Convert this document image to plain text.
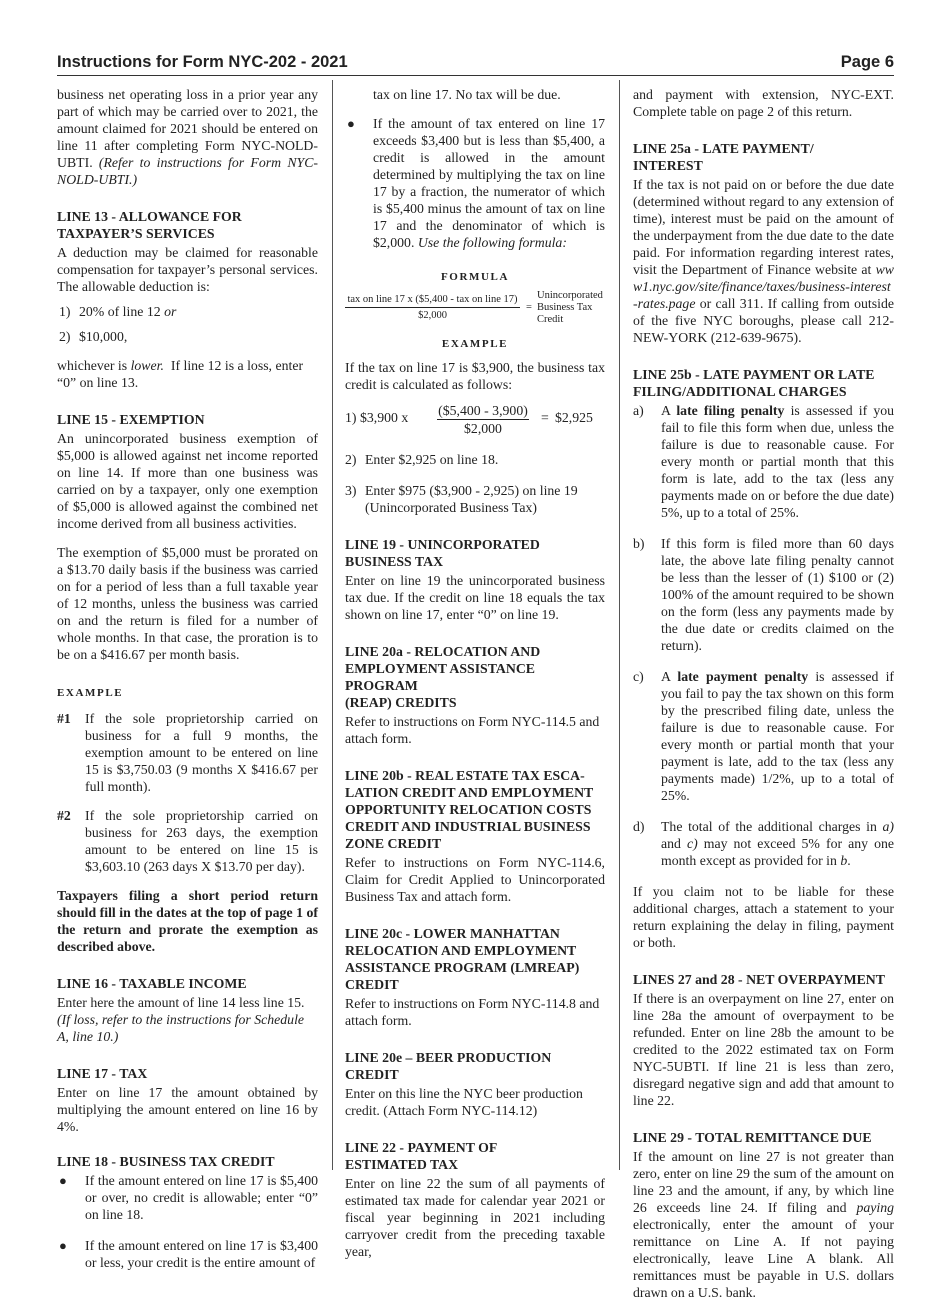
Instructions for Form NYC-202 - 2021	Page 6

business net operating loss in a prior year any part of which may be carried over to 2021, the amount claimed for 2021 should be entered on line 11 after completing Form NYC-NOLD-UBTI. (Refer to instructions for Form NYC-NOLD-UBTI.)

LINE 13 - ALLOWANCE FOR
TAXPAYER’S SERVICES

A deduction may be claimed for reasonable compensation for taxpayer’s personal services. The allowable deduction is:

1) 20% of line 12 or
2) $10,000,

whichever is lower. If line 12 is a loss, enter “0” on line 13.

LINE 15 - EXEMPTION

An unincorporated business exemption of $5,000 is allowed against net income reported on line 14. If more than one business was carried on by a taxpayer, only one exemption of $5,000 is allowed against the combined net income derived from all business activities.

The exemption of $5,000 must be prorated on a $13.70 daily basis if the business was carried on for a period of less than a full taxable year of 12 months, unless the business was carried on and the return is filed for a number of whole months. In that case, the proration is to be on a $416.67 per month basis.

EXAMPLE
#1 If the sole proprietorship carried on business for a full 9 months, the exemption amount to be entered on line 15 is $3,750.03 (9 months X $416.67 per full month).
#2 If the sole proprietorship carried on business for 263 days, the exemption amount to be entered on line 15 is $3,603.10 (263 days X $13.70 per day).

Taxpayers filing a short period return should fill in the dates at the top of page 1 of the return and prorate the exemption as described above.

LINE 16 - TAXABLE INCOME

Enter here the amount of line 14 less line 15. (If loss, refer to the instructions for Schedule A, line 10.)

LINE 17 - TAX

Enter on line 17 the amount obtained by multiplying the amount entered on line 16 by 4%.

LINE 18 - BUSINESS TAX CREDIT
● If the amount entered on line 17 is $5,400 or over, no credit is allowable; enter “0” on line 18.
● If the amount entered on line 17 is $3,400 or less, your credit is the entire amount of

tax on line 17. No tax will be due.

● If the amount of tax entered on line 17 exceeds $3,400 but is less than $5,400, a credit is allowed in the amount determined by multiplying the tax on line 17 by a fraction, the numerator of which is $5,400 minus the amount of tax on line 17 and the denominator of which is $2,000. Use the following formula:
FORMULA
tax on line 17 x ($5,400 - tax on line 17)
$2,000
=
Unincorporated Business Tax Credit
EXAMPLE

If the tax on line 17 is $3,900, the business tax credit is calculated as follows:

1) $3,900 x ($5,400 - 3,900)
$2,000
= $2,925
2) Enter $2,925 on line 18.
3) Enter $975 ($3,900 - 2,925) on line 19 (Unincorporated Business Tax)
LINE 19 - UNINCORPORATED
BUSINESS TAX

Enter on line 19 the unincorporated business tax due. If the credit on line 18 equals the tax shown on line 17, enter “0” on line 19.

LINE 20a - RELOCATION AND
EMPLOYMENT ASSISTANCE PROGRAM
(REAP) CREDITS

Refer to instructions on Form NYC-114.5 and attach form.

LINE 20b - REAL ESTATE TAX ESCA-
LATION CREDIT AND EMPLOYMENT
OPPORTUNITY RELOCATION COSTS
CREDIT AND INDUSTRIAL BUSINESS
ZONE CREDIT

Refer to instructions on Form NYC-114.6, Claim for Credit Applied to Unincorporated Business Tax and attach form.

LINE 20c - LOWER MANHATTAN
RELOCATION AND EMPLOYMENT
ASSISTANCE PROGRAM (LMREAP)
CREDIT

Refer to instructions on Form NYC-114.8 and attach form.

LINE 20e – BEER PRODUCTION CREDIT

Enter on this line the NYC beer production credit. (Attach Form NYC-114.12)

LINE 22 - PAYMENT OF
ESTIMATED TAX

Enter on line 22 the sum of all payments of estimated tax made for calendar year 2021 or fiscal year beginning in 2021 including carryover credit from the preceding taxable year,

and payment with extension, NYC-EXT. Complete table on page 2 of this return.

LINE 25a - LATE PAYMENT/
INTEREST

If the tax is not paid on or before the due date (determined without regard to any extension of time), interest must be paid on the amount of the underpayment from the due date to the date paid. For information regarding interest rates, visit the Department of Finance website at www1.nyc.gov/site/finance/taxes/business-interest-rates.page or call 311. If calling from outside of the five NYC boroughs, please call 212-NEW-YORK (212-639-9675).

LINE 25b - LATE PAYMENT OR LATE
FILING/ADDITIONAL CHARGES
a) A late filing penalty is assessed if you fail to file this form when due, unless the failure is due to reasonable cause. For every month or partial month that this form is late, add to the tax (less any payments made on or before the due date) 5%, up to a total of 25%.
b) If this form is filed more than 60 days late, the above late filing penalty cannot be less than the lesser of (1) $100 or (2) 100% of the amount required to be shown on the form (less any payments made by the due date or credits claimed on the return).
c) A late payment penalty is assessed if you fail to pay the tax shown on this form by the prescribed filing date, unless the failure is due to reasonable cause. For every month or partial month that your payment is late, add to the tax (less any payments made) 1/2%, up to a total of 25%.
d) The total of the additional charges in a) and c) may not exceed 5% for any one month except as provided for in b.

If you claim not to be liable for these additional charges, attach a statement to your return explaining the delay in filing, payment or both.

LINES 27 and 28 - NET OVERPAYMENT

If there is an overpayment on line 27, enter on line 28a the amount of overpayment to be refunded. Enter on line 28b the amount to be credited to the 2022 estimated tax on Form NYC-5UBTI. If line 21 is less than zero, disregard negative sign and add that amount to line 22.

LINE 29 - TOTAL REMITTANCE DUE

If the amount on line 27 is not greater than zero, enter on line 29 the sum of the amount on line 23 and the amount, if any, by which line 26 exceeds line 24. If filing and paying electronically, enter the amount of your remittance on Line A. If not paying electronically, leave Line A blank. All remittances must be payable in U.S. dollars drawn on a U.S. bank.
